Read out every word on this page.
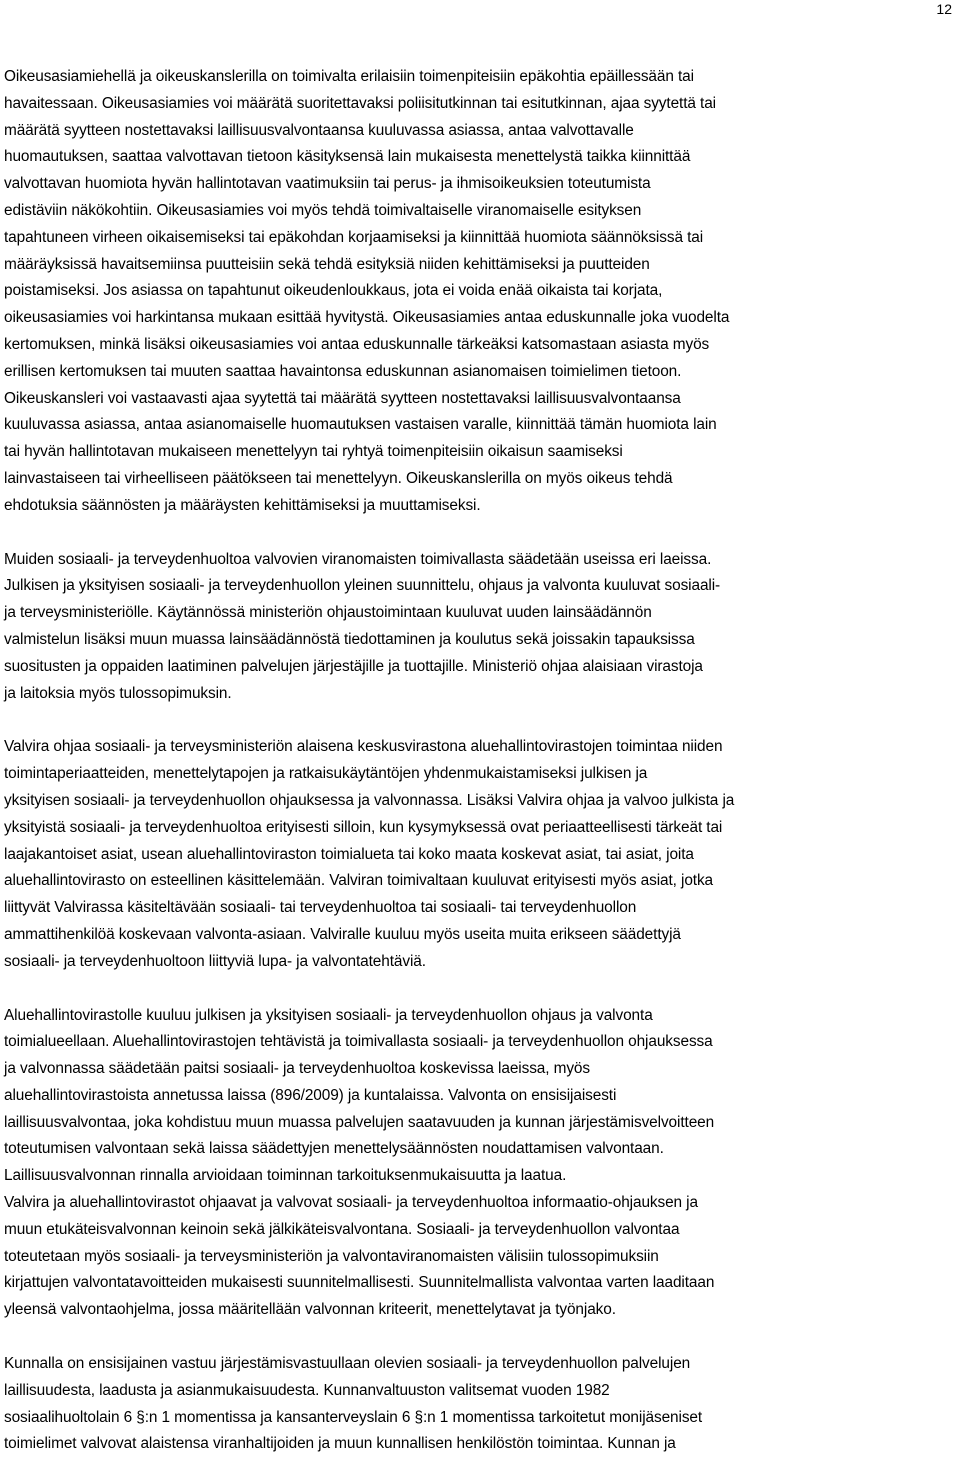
12

Oikeusasiamiehellä ja oikeuskanslerilla on toimivalta erilaisiin toimenpiteisiin epäkohtia epäillessään tai
havaitessaan. Oikeusasiamies voi määrätä suoritettavaksi poliisitutkinnan tai esitutkinnan, ajaa syytettä tai
määrätä syytteen nostettavaksi laillisuusvalvontaansa kuuluvassa asiassa, antaa valvottavalle
huomautuksen, saattaa valvottavan tietoon käsityksensä lain mukaisesta menettelystä taikka kiinnittää
valvottavan huomiota hyvän hallintotavan vaatimuksiin tai perus- ja ihmisoikeuksien toteutumista
edistäviin näkökohtiin. Oikeusasiamies voi myös tehdä toimivaltaiselle viranomaiselle esityksen
tapahtuneen virheen oikaisemiseksi tai epäkohdan korjaamiseksi ja kiinnittää huomiota säännöksissä tai
määräyksissä havaitsemiinsa puutteisiin sekä tehdä esityksiä niiden kehittämiseksi ja puutteiden
poistamiseksi. Jos asiassa on tapahtunut oikeudenloukkaus, jota ei voida enää oikaista tai korjata,
oikeusasiamies voi harkintansa mukaan esittää hyvitystä. Oikeusasiamies antaa eduskunnalle joka vuodelta
kertomuksen, minkä lisäksi oikeusasiamies voi antaa eduskunnalle tärkeäksi katsomastaan asiasta myös
erillisen kertomuksen tai muuten saattaa havaintonsa eduskunnan asianomaisen toimielimen tietoon.
Oikeuskansleri voi vastaavasti ajaa syytettä tai määrätä syytteen nostettavaksi laillisuusvalvontaansa
kuuluvassa asiassa, antaa asianomaiselle huomautuksen vastaisen varalle, kiinnittää tämän huomiota lain
tai hyvän hallintotavan mukaiseen menettelyyn tai ryhtyä toimenpiteisiin oikaisun saamiseksi
lainvastaiseen tai virheelliseen päätökseen tai menettelyyn. Oikeuskanslerilla on myös oikeus tehdä
ehdotuksia säännösten ja määräysten kehittämiseksi ja muuttamiseksi.

Muiden sosiaali- ja terveydenhuoltoa valvovien viranomaisten toimivallasta säädetään useissa eri laeissa.
Julkisen ja yksityisen sosiaali- ja terveydenhuollon yleinen suunnittelu, ohjaus ja valvonta kuuluvat sosiaali-
ja terveysministeriölle. Käytännössä ministeriön ohjaustoimintaan kuuluvat uuden lainsäädännön
valmistelun lisäksi muun muassa lainsäädännöstä tiedottaminen ja koulutus sekä joissakin tapauksissa
suositusten ja oppaiden laatiminen palvelujen järjestäjille ja tuottajille. Ministeriö ohjaa alaisiaan virastoja
ja laitoksia myös tulossopimuksin.

Valvira ohjaa sosiaali- ja terveysministeriön alaisena keskusvirastona aluehallintovirastojen toimintaa niiden
toimintaperiaatteiden, menettelytapojen ja ratkaisukäytäntöjen yhdenmukaistamiseksi julkisen ja
yksityisen sosiaali- ja terveydenhuollon ohjauksessa ja valvonnassa. Lisäksi Valvira ohjaa ja valvoo julkista ja
yksityistä sosiaali- ja terveydenhuoltoa erityisesti silloin, kun kysymyksessä ovat periaatteellisesti tärkeät tai
laajakantoiset asiat, usean aluehallintoviraston toimialueta tai koko maata koskevat asiat, tai asiat, joita
aluehallintovirasto on esteellinen käsittelemään. Valviran toimivaltaan kuuluvat erityisesti myös asiat, jotka
liittyvät Valvirassa käsiteltävään sosiaali- tai terveydenhuoltoa tai sosiaali- tai terveydenhuollon
ammattihenkilöä koskevaan valvonta-asiaan. Valviralle kuuluu myös useita muita erikseen säädettyjä
sosiaali- ja terveydenhuoltoon liittyviä lupa- ja valvontatehtäviä.

Aluehallintovirastolle kuuluu julkisen ja yksityisen sosiaali- ja terveydenhuollon ohjaus ja valvonta
toimialueellaan. Aluehallintovirastojen tehtävistä ja toimivallasta sosiaali- ja terveydenhuollon ohjauksessa
ja valvonnassa säädetään paitsi sosiaali- ja terveydenhuoltoa koskevissa laeissa, myös
aluehallintovirastoista annetussa laissa (896/2009) ja kuntalaissa. Valvonta on ensisijaisesti
laillisuusvalvontaa, joka kohdistuu muun muassa palvelujen saatavuuden ja kunnan järjestämisvelvoitteen
toteutumisen valvontaan sekä laissa säädettyjen menettelysäännösten noudattamisen valvontaan.
Laillisuusvalvonnan rinnalla arvioidaan toiminnan tarkoituksenmukaisuutta ja laatua.
Valvira ja aluehallintovirastot ohjaavat ja valvovat sosiaali- ja terveydenhuoltoa informaatio-ohjauksen ja
muun etukäteisvalvonnan keinoin sekä jälkikäteisvalvontana. Sosiaali- ja terveydenhuollon valvontaa
toteutetaan myös sosiaali- ja terveysministeriön ja valvontaviranomaisten välisiin tulossopimuksiin
kirjattujen valvontatavoitteiden mukaisesti suunnitelmallisesti. Suunnitelmallista valvontaa varten laaditaan
yleensä valvontaohjelma, jossa määritellään valvonnan kriteerit, menettelytavat ja työnjako.

Kunnalla on ensisijainen vastuu järjestämisvastuullaan olevien sosiaali- ja terveydenhuollon palvelujen
laillisuudesta, laadusta ja asianmukaisuudesta. Kunnanvaltuuston valitsemat vuoden 1982
sosiaalihuoltolain 6 §:n 1 momentissa ja kansanterveyslain 6 §:n 1 momentissa tarkoitetut monijäseniset
toimielimet valvovat alaistensa viranhaltijoiden ja muun kunnallisen henkilöstön toimintaa. Kunnan ja
